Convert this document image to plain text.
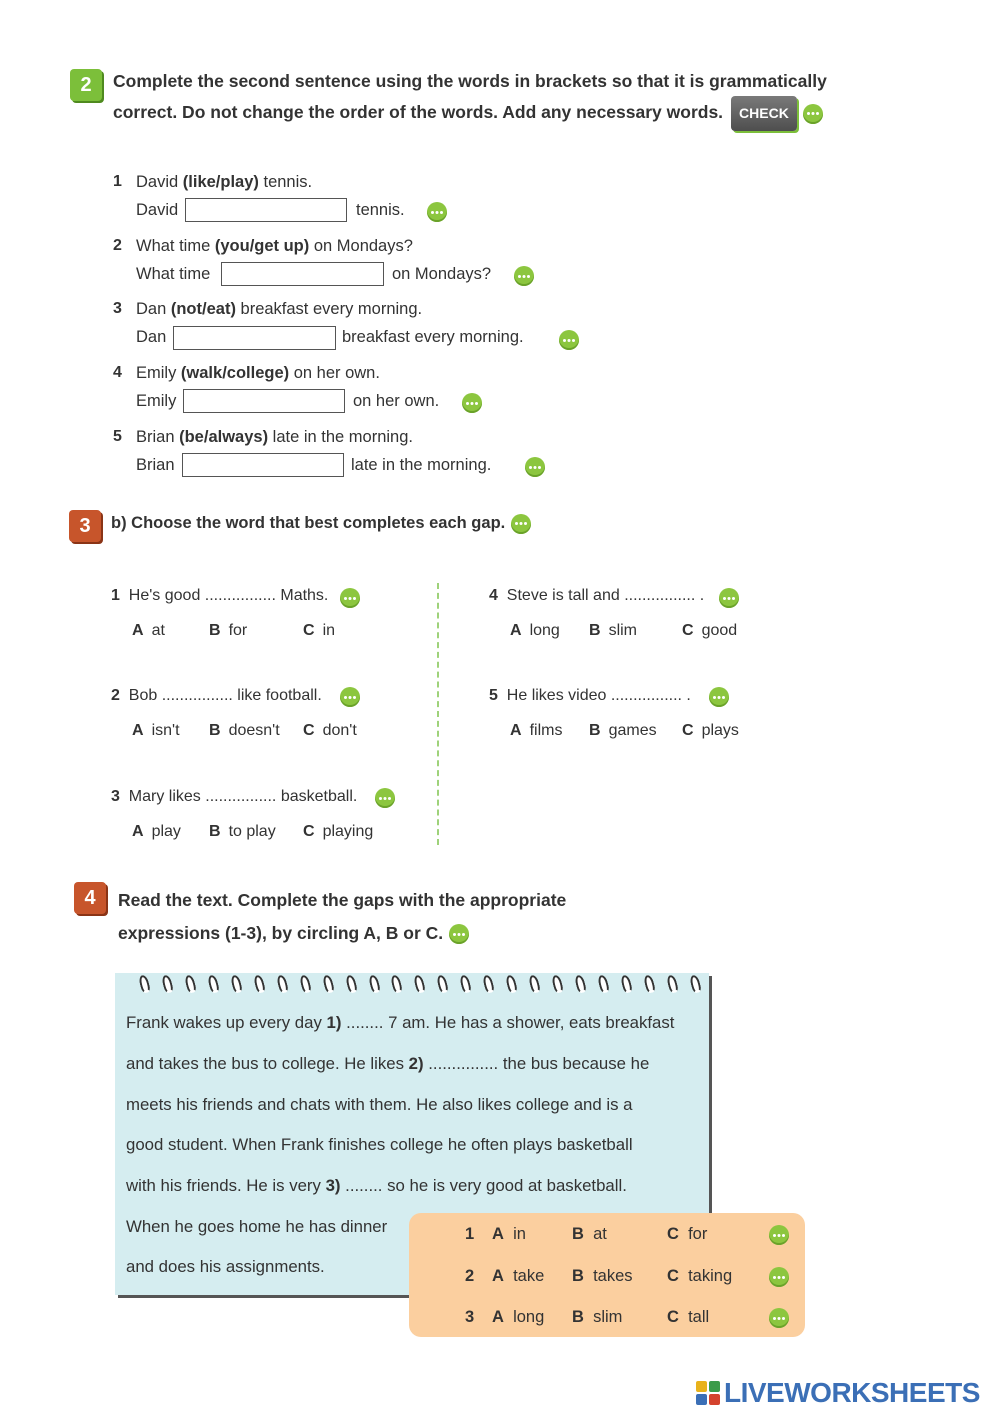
2 Complete the second sentence using the words in brackets so that it is grammatically
correct. Do not change the order of the words. Add any necessary words. CHECK
1 David (like/play) tennis.
David	tennis.
2 What time (you/get up) on Mondays?
What time	on Mondays?
3 Dan (not/eat) breakfast every morning.
Dan	breakfast every morning.
4 Emily (walk/college) on her own.
Emily	on her own.
5 Brian (be/always) late in the morning.
Brian	late in the morning.
3 b) Choose the word that best completes each gap.
1 He's good ................ Maths.
A at	B for	C in
2 Bob ................ like football.
A isn't B doesn't C don't
3 Mary likes ................ basketball.
A play B to play C playing
4 Steve is tall and ................ .
A long B slim	C good
5 He likes video ................ .
A films B games C plays
4 Read the text. Complete the gaps with the appropriate
expressions (1-3), by circling A, B or C.
Frank wakes up every day 1) ........ 7 am. He has a shower, eats breakfast
and takes the bus to college. He likes 2) ............... the bus because he
meets his friends and chats with them. He also likes college and is a
good student. When Frank finishes college he often plays basketball
with his friends. He is very 3) ........ so he is very good at basketball.
When he goes home he has dinner
and does his assignments.
1 A in	B at	C for
2 A take B takes C taking
3 A long B slim	C tall
LIVEWORKSHEETS
